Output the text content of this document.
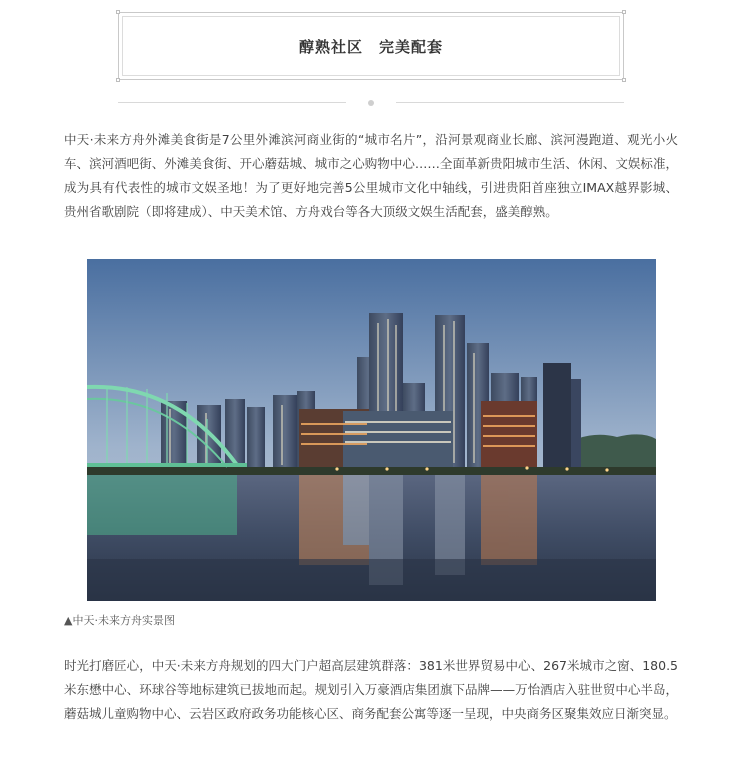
醇熟社区　完美配套

中天·未来方舟外滩美食街是7公里外滩滨河商业街的“城市名片”，沿河景观商业长廊、滨河漫跑道、观光小火车、滨河酒吧街、外滩美食街、开心蘑菇城、城市之心购物中心……全面革新贵阳城市生活、休闲、文娱标准，成为具有代表性的城市文娱圣地！为了更好地完善5公里城市文化中轴线，引进贵阳首座独立IMAX越界影城、贵州省歌剧院（即将建成）、中天美术馆、方舟戏台等各大顶级文娱生活配套，盛美醇熟。

▲中天·未来方舟实景图

时光打磨匠心，中天·未来方舟规划的四大门户超高层建筑群落：381米世界贸易中心、267米城市之窗、180.5米东懋中心、环球谷等地标建筑已拔地而起。规划引入万豪酒店集团旗下品牌——万怡酒店入驻世贸中心半岛，蘑菇城儿童购物中心、云岩区政府政务功能核心区、商务配套公寓等逐一呈现，中央商务区聚集效应日渐突显。
